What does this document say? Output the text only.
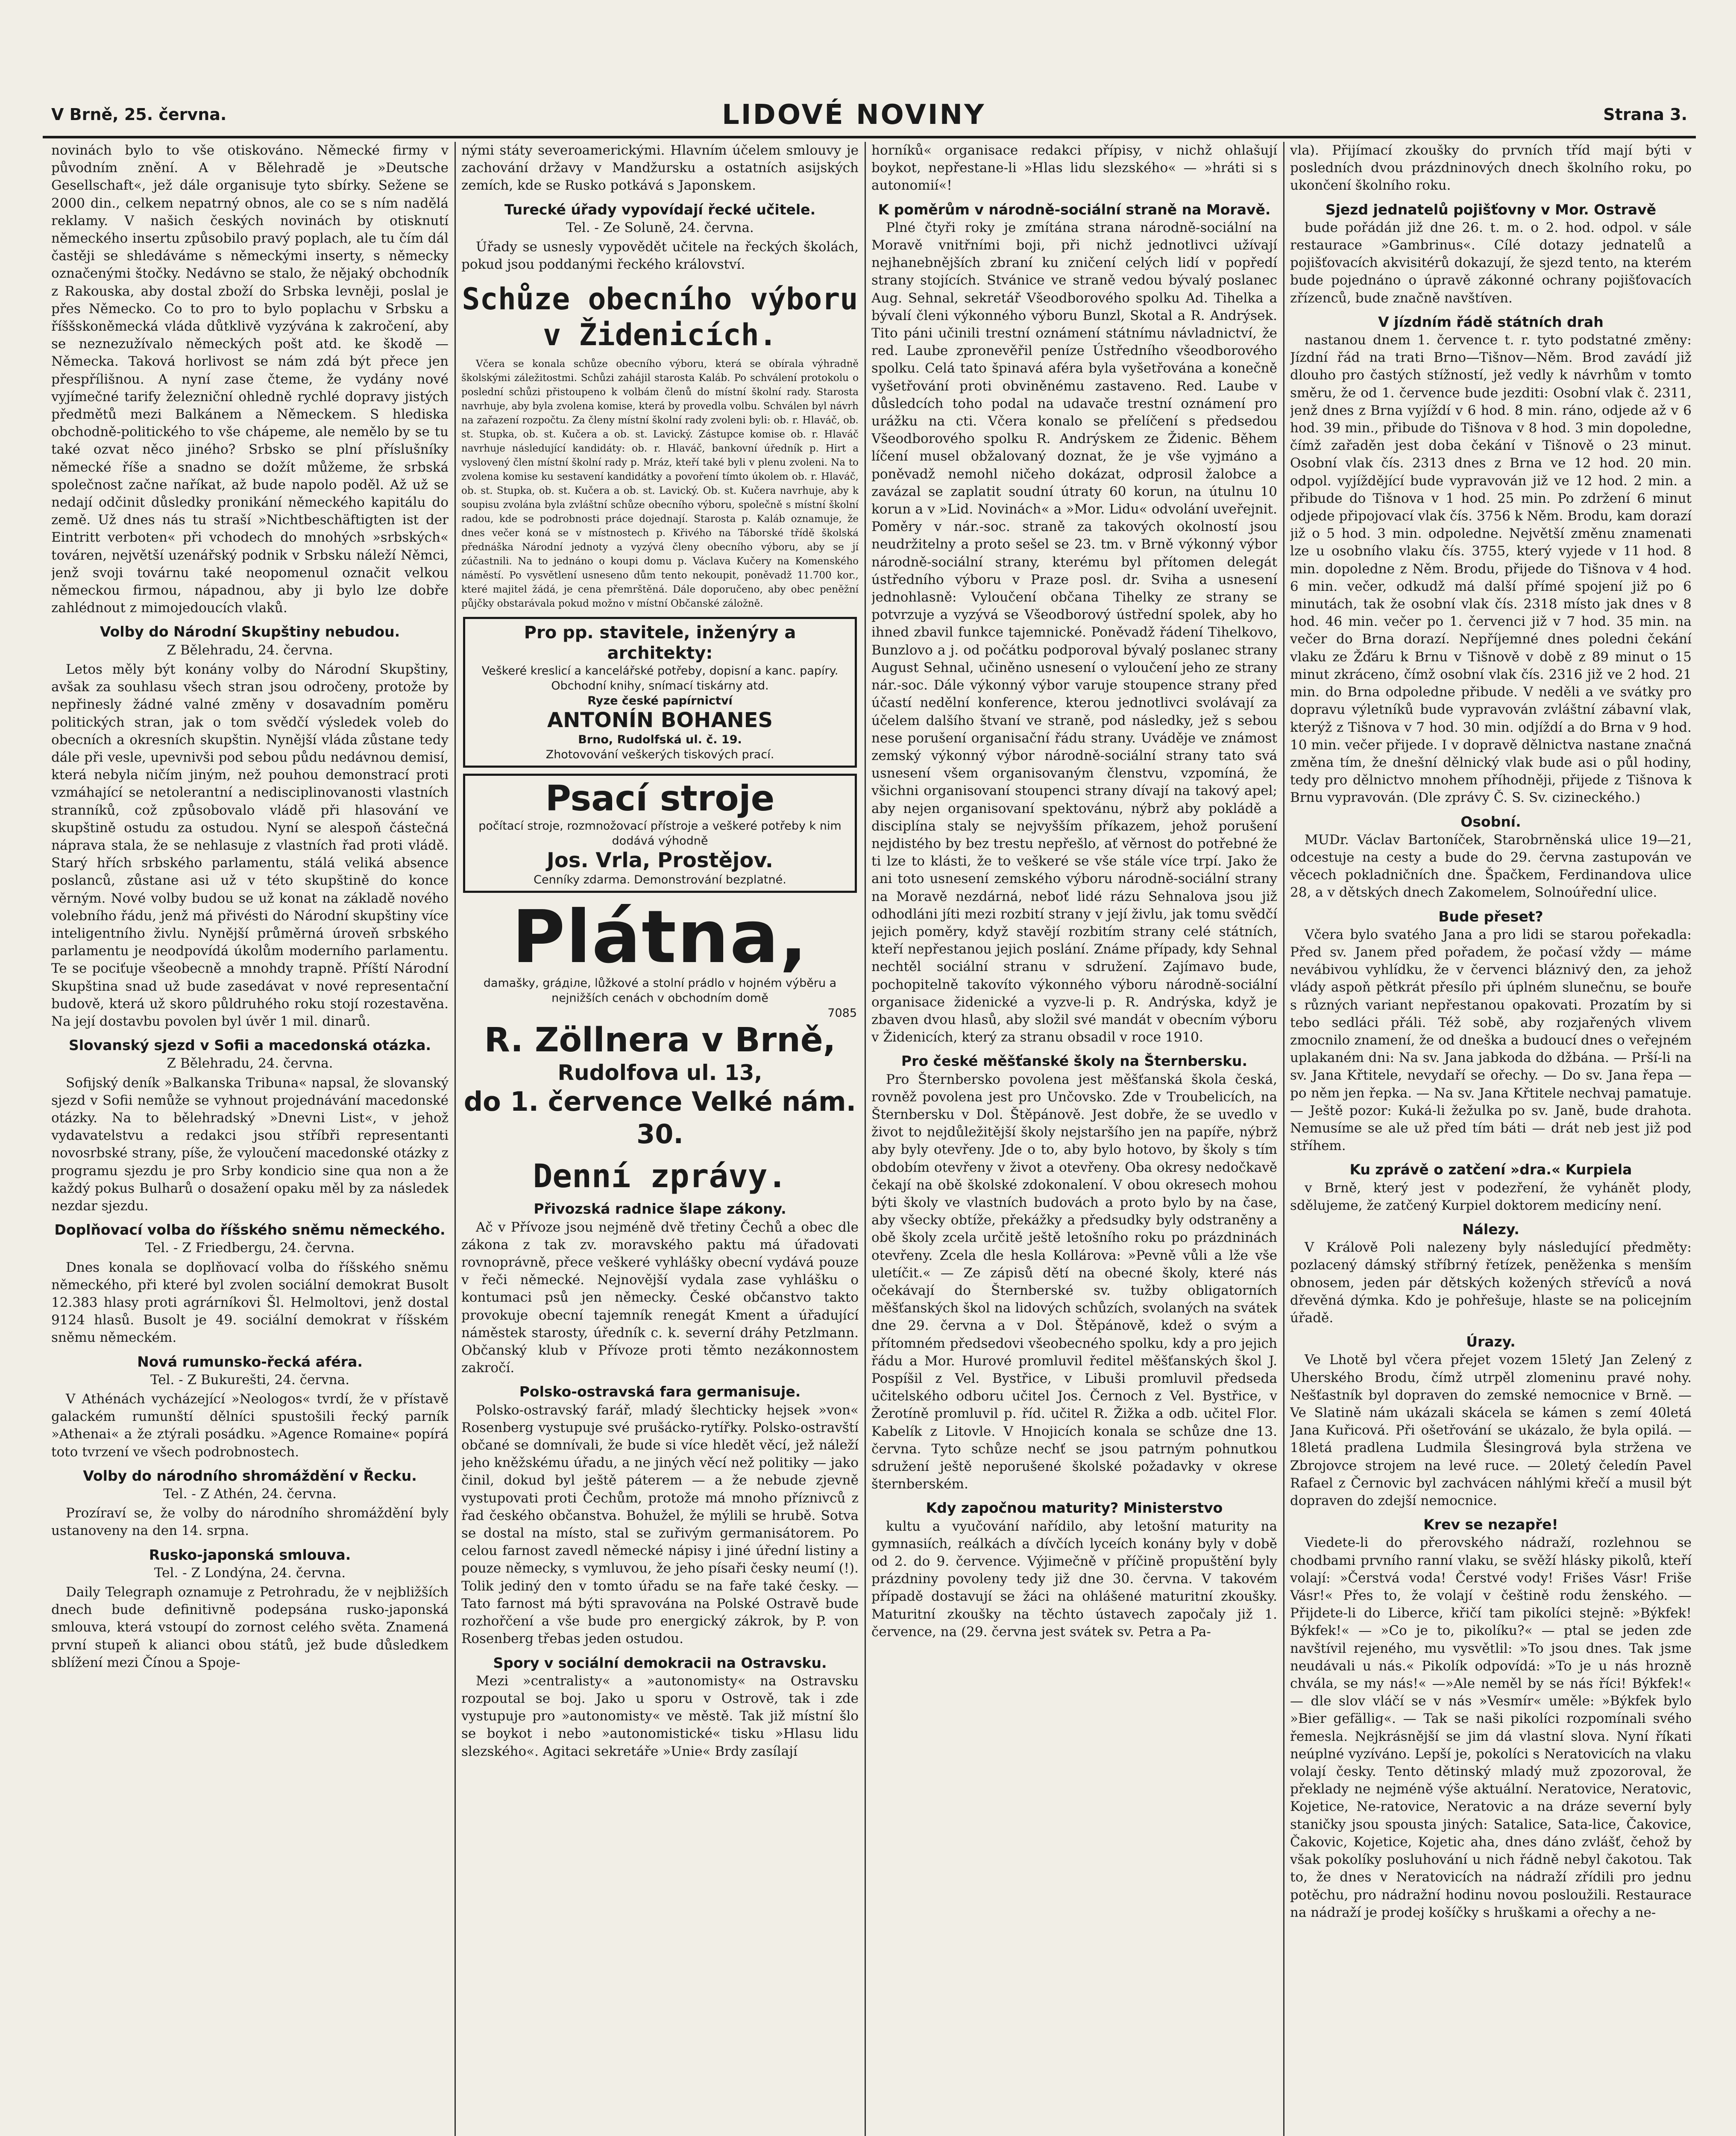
V Brně, 25. června.	LIDOVÉ NOVINY	Strana 3.

novinách bylo to vše otiskováno. Německé firmy v původním znění. A v Bělehradě je »Deutsche Gesellschaft«, jež dále organisuje tyto sbírky. Sežene se 2000 din., celkem nepatrný obnos, ale co se s ním nadělá reklamy. V našich českých novinách by otisknutí německého insertu způsobilo pravý poplach, ale tu čím dál častěji se shledáváme s německými inserty, s německy označenými štočky. Nedávno se stalo, že nějaký obchodník z Rakouska, aby dostal zboží do Srbska levněji, poslal je přes Německo. Co to pro to bylo poplachu v Srbsku a říššskoněmecká vláda důtklivě vyzývána k zakročení, aby se neznezužívalo německých pošt atd. ke škodě — Německa. Taková horlivost se nám zdá být přece jen přespřílišnou. A nyní zase čteme, že vydány nové vyjímečné tarify železniční ohledně rychlé dopravy jistých předmětů mezi Balkánem a Německem. S hlediska obchodně-politického to vše chápeme, ale nemělo by se tu také ozvat něco jiného? Srbsko se plní příslušníky německé říše a snadno se dožít můžeme, že srbská společnost začne naříkat, až bude napolo poděl. Až už se nedají odčinit důsledky pronikání německého kapitálu do země. Už dnes nás tu straší »Nichtbeschäftigten ist der Eintritt verboten« při vchodech do mnohých »srbských« továren, největší uzenářský podnik v Srbsku náleží Němci, jenž svoji továrnu také neopomenul označit velkou německou firmou, nápadnou, aby ji bylo lze dobře zahlédnout z mimojedoucích vlaků.

Volby do Národní Skupštiny nebudou.
Z Bělehradu, 24. června.

Letos měly být konány volby do Národní Skupštiny, avšak za souhlasu všech stran jsou odročeny, protože by nepřinesly žádné valné změny v dosavadním poměru politických stran, jak o tom svědčí výsledek voleb do obecních a okresních skupštin. Nynější vláda zůstane tedy dále při vesle, upevnivši pod sebou půdu nedávnou demisí, která nebyla ničím jiným, než pouhou demonstrací proti vzmáhající se netolerantní a nedisciplinovanosti vlastních stranníků, což způsobovalo vládě při hlasování ve skupštině ostudu za ostudou. Nyní se alespoň částečná náprava stala, že se nehlasuje z vlastních řad proti vládě. Starý hřích srbského parlamentu, stálá veliká absence poslanců, zůstane asi už v této skupštině do konce věrným. Nové volby budou se už konat na základě nového volebního řádu, jenž má přivésti do Národní skupštiny více inteligentního živlu. Nynější průměrná úroveň srbského parlamentu je neodpovídá úkolům moderního parlamentu. Te se pociťuje všeobecně a mnohdy trapně. Příští Národní Skupština snad už bude zasedávat v nové representační budově, která už skoro půldruhého roku stojí rozestavěna. Na její dostavbu povolen byl úvěr 1 mil. dinarů.

Slovanský sjezd v Sofii a macedonská otázka.
Z Bělehradu, 24. června.

Sofijský deník »Balkanska Tribuna« napsal, že slovanský sjezd v Sofii nemůže se vyhnout projednávání macedonské otázky. Na to bělehradský »Dnevni List«, v jehož vydavatelstvu a redakci jsou stříbři representanti novosrbské strany, píše, že vyloučení macedonské otázky z programu sjezdu je pro Srby kondicio sine qua non a že každý pokus Bulharů o dosažení opaku měl by za následek nezdar sjezdu.

Doplňovací volba do říšského sněmu německého.
Tel. - Z Friedbergu, 24. června.

Dnes konala se doplňovací volba do říšského sněmu německého, při které byl zvolen sociální demokrat Busolt 12.383 hlasy proti agrárníkovi Šl. Helmoltovi, jenž dostal 9124 hlasů. Busolt je 49. sociální demokrat v říšském sněmu německém.

Nová rumunsko-řecká aféra.
Tel. - Z Bukurešti, 24. června.

V Athénách vycházející »Neologos« tvrdí, že v přístavě galackém rumunští dělníci spustošili řecký parník »Athenai« a že ztýrali posádku. »Agence Romaine« popírá toto tvrzení ve všech podrobnostech.

Volby do národního shromáždění v Řecku.
Tel. - Z Athén, 24. června.

Prozíraví se, že volby do národního shromáždění byly ustanoveny na den 14. srpna.

Rusko-japonská smlouva.
Tel. - Z Londýna, 24. června.

Daily Telegraph oznamuje z Petrohradu, že v nejbližších dnech bude definitivně podepsána rusko-japonská smlouva, která vstoupí do zornost celého světa. Znamená první stupeň k alianci obou států, jež bude důsledkem sblížení mezi Čínou a Spoje-

nými státy severoamerickými. Hlavním účelem smlouvy je zachování državy v Mandžursku a ostatních asijských zemích, kde se Rusko potkává s Japonskem.

Turecké úřady vypovídají řecké učitele.
Tel. - Ze Soluně, 24. června.

Úřady se usnesly vypovědět učitele na řeckých školách, pokud jsou poddanými řeckého království.

Schůze obecního výboru v Židenicích.

Včera se konala schůze obecního výboru, která se obírala výhradně školskými záležitostmi. Schůzi zahájil starosta Kaláb. Po schválení protokolu o poslední schůzi přistoupeno k volbám členů do místní školní rady. Starosta navrhuje, aby byla zvolena komise, která by provedla volbu. Schválen byl návrh na zařazení rozpočtu. Za členy místní školní rady zvoleni byli: ob. r. Hlaváč, ob. st. Stupka, ob. st. Kučera a ob. st. Lavický. Zástupce komise ob. r. Hlaváč navrhuje následující kandidáty: ob. r. Hlaváč, bankovní úředník p. Hirt a vyslovený člen místní školní rady p. Mráz, kteří také byli v plenu zvoleni. Na to zvolena komise ku sestavení kandidátky a povoření tímto úkolem ob. r. Hlaváč, ob. st. Stupka, ob. st. Kučera a ob. st. Lavický. Ob. st. Kučera navrhuje, aby k soupisu zvolána byla zvláštní schůze obecního výboru, společně s místní školní radou, kde se podrobnosti práce dojednají. Starosta p. Kaláb oznamuje, že dnes večer koná se v místnostech p. Křivého na Táborské třídě školská přednáška Národní jednoty a vyzývá členy obecního výboru, aby se jí zúčastnili. Na to jednáno o koupi domu p. Václava Kučery na Komenského náměstí. Po vysvětlení usneseno dům tento nekoupit, poněvadž 11.700 kor., které majitel žádá, je cena přemrštěná. Dále doporučeno, aby obec peněžní půjčky obstarávala pokud možno v místní Občanské záložně.

Pro pp. stavitele, inženýry a architekty:
Veškeré kreslicí a kancelářské potřeby, dopisní a kanc. papíry. Obchodní knihy, snímací tiskárny atd.
Ryze české papírnictví
ANTONÍN BOHANES
Brno, Rudolfská ul. č. 19.
Zhotovování veškerých tiskových prací.
Psací stroje
počítací stroje, rozmnožovací přístroje a veškeré potřeby k nim dodává výhodně
Jos. Vrla, Prostějov.
Cenníky zdarma. Demonstrování bezplatné.
Plátna,
damašky, gráділe, lůžkové a stolní prádlo v hojném výběru a nejnižších cenách v obchodním domě
7085
R. Zöllnera v Brně,
Rudolfova ul. 13,
do 1. července Velké nám. 30.
Denní zprávy.
Přivozská radnice šlape zákony.

Ač v Přívoze jsou nejméně dvě třetiny Čechů a obec dle zákona z tak zv. moravského paktu má úřadovati rovnoprávně, přece veškeré vyhlášky obecní vydává pouze v řeči německé. Nejnovější vydala zase vyhlášku o kontumaci psů jen německy. České občanstvo takto provokuje obecní tajemník renegát Kment a úřadující náměstek starosty, úředník c. k. severní dráhy Petzlmann. Občanský klub v Přívoze proti těmto nezákonnostem zakročí.

Polsko-ostravská fara germanisuje.

Polsko-ostravský farář, mladý šlechticky hejsek »von« Rosenberg vystupuje své prušácko-rytířky. Polsko-ostravští občané se domnívali, že bude si více hledět věcí, jež náleží jeho kněžskému úřadu, a ne jiných věcí než politiky — jako činil, dokud byl ještě páterem — a že nebude zjevně vystupovati proti Čechům, protože má mnoho příznivců z řad českého občanstva. Bohužel, že mýlili se hrubě. Sotva se dostal na místo, stal se zuřivým germanisátorem. Po celou farnost zavedl německé nápisy i jiné úřední listiny a pouze německy, s vymluvou, že jeho písaři česky neumí (!). Tolik jediný den v tomto úřadu se na faře také česky. — Tato farnost má býti spravována na Polské Ostravě bude rozhořčení a vše bude pro energický zákrok, by P. von Rosenberg třebas jeden ostudou.

Spory v sociální demokracii na Ostravsku.

Mezi »centralisty« a »autonomisty« na Ostravsku rozpoutal se boj. Jako u sporu v Ostrově, tak i zde vystupuje pro »autonomisty« ve městě. Tak již místní šlo se boykot i nebo »autonomistické« tisku »Hlasu lidu slezského«. Agitaci sekretáře »Unie« Brdy zasílají

horníků« organisace redakci přípisy, v nichž ohlašují boykot, nepřestane-li »Hlas lidu slezského« — »hráti si s autonomií«!

K poměrům v národně-sociální straně na Moravě.

Plné čtyři roky je zmítána strana národně-sociální na Moravě vnitřními boji, při nichž jednotlivci užívají nejhanebnějších zbraní ku zničení celých lidí v popředí strany stojících. Stvánice ve straně vedou bývalý poslanec Aug. Sehnal, sekretář Všeodborového spolku Ad. Tihelka a bývalí členi výkonného výboru Bunzl, Skotal a R. Andrýsek. Tito páni učinili trestní oznámení státnímu návladnictví, že red. Laube zpronevěřil peníze Ústředního všeodborového spolku. Celá tato špinavá aféra byla vyšetřována a konečně vyšetřování proti obviněnému zastaveno. Red. Laube v důsledcích toho podal na udavače trestní oznámení pro urážku na cti. Včera konalo se přelíčení s předsedou Všeodborového spolku R. Andrýskem ze Židenic. Během líčení musel obžalovaný doznat, že je vše vyjmáno a poněvadž nemohl ničeho dokázat, odprosil žalobce a zavázal se zaplatit soudní útraty 60 korun, na útulnu 10 korun a v »Lid. Novinách« a »Mor. Lidu« odvolání uveřejnit. Poměry v nár.-soc. straně za takových okolností jsou neudržitelny a proto sešel se 23. tm. v Brně výkonný výbor národně-sociální strany, kterému byl přítomen delegát ústředního výboru v Praze posl. dr. Sviha a usnesení jednohlasně: Vyloučení občana Tihelky ze strany se potvrzuje a vyzývá se Všeodborový ústřední spolek, aby ho ihned zbavil funkce tajemnické. Poněvadž řádení Tihelkovo, Bunzlovo a j. od počátku podporoval bývalý poslanec strany August Sehnal, učiněno usnesení o vyloučení jeho ze strany nár.-soc. Dále výkonný výbor varuje stoupence strany před účastí nedělní konference, kterou jednotlivci svolávají za účelem dalšího štvaní ve straně, pod následky, jež s sebou nese porušení organisační řádu strany. Uváděje ve známost zemský výkonný výbor národně-sociální strany tato svá usnesení všem organisovaným členstvu, vzpomíná, že všichni organisovaní stoupenci strany dívají na takový apel; aby nejen organisovaní spektovánu, nýbrž aby pokládě a disciplína staly se nejvyšším příkazem, jehož porušení nejdistého by bez trestu nepřešlo, ať věrnost do potřebné že ti lze to klásti, že to veškeré se vše stále více trpí. Jako že ani toto usnesení zemského výboru národně-sociální strany na Moravě nezdárná, neboť lidé rázu Sehnalova jsou již odhodláni jíti mezi rozbití strany v její živlu, jak tomu svědčí jejich poměry, když stavějí rozbitím strany celé státních, kteří nepřestanou jejich poslání. Známe případy, kdy Sehnal nechtěl sociální stranu v sdružení. Zajímavo bude, pochopitelně takovíto výkonného výboru národně-sociální organisace židenické a vyzve-li p. R. Andrýska, když je zbaven dvou hlasů, aby složil své mandát v obecním výboru v Židenicích, který za stranu obsadil v roce 1910.

Pro české měšťanské školy na Šternbersku.

Pro Šternbersko povolena jest měšťanská škola česká, rovněž povolena jest pro Unčovsko. Zde v Troubelicích, na Šternbersku v Dol. Štěpánově. Jest dobře, že se uvedlo v život to nejdůležitější školy nejstaršího jen na papíře, nýbrž aby byly otevřeny. Jde o to, aby bylo hotovo, by školy s tím obdobím otevřeny v život a otevřeny. Oba okresy nedočkavě čekají na obě školské zdokonalení. V obou okresech mohou býti školy ve vlastních budovách a proto bylo by na čase, aby všecky obtíže, překážky a předsudky byly odstraněny a obě školy zcela určitě ještě letošního roku po prázdninách otevřeny. Zcela dle hesla Kollárova: »Pevně vůli a lže vše uletíčit.« — Ze zápisů dětí na obecné školy, které nás očekávají do Šternberské sv. tužby obligatorních měšťanských škol na lidových schůzích, svolaných na svátek dne 29. června a v Dol. Štěpánově, kdež o svým a přítomném předsedovi všeobecného spolku, kdy a pro jejich řádu a Mor. Hurové promluvil ředitel měšťanských škol J. Pospíšil z Vel. Bystřice, v Libuši promluvil předseda učitelského odboru učitel Jos. Černoch z Vel. Bystřice, v Žerotíně promluvil p. říd. učitel R. Žižka a odb. učitel Flor. Kabelík z Litovle. V Hnojicích konala se schůze dne 13. června. Tyto schůze nechť se jsou patrným pohnutkou sdružení ještě neporušené školské požadavky v okrese šternberském.

Kdy započnou maturity? Ministerstvo

kultu a vyučování nařídilo, aby letošní maturity na gymnasiích, reálkách a dívčích lyceích konány byly v době od 2. do 9. července. Výjimečně v příčině propuštění byly prázdniny povoleny tedy již dne 30. června. V takovém případě dostavují se žáci na ohlášené maturitní zkoušky. Maturitní zkoušky na těchto ústavech započaly již 1. července, na (29. června jest svátek sv. Petra a Pa-

vla). Přijímací zkoušky do prvních tříd mají býti v posledních dvou prázdninových dnech školního roku, po ukončení školního roku.

Sjezd jednatelů pojišťovny v Mor. Ostravě

bude pořádán již dne 26. t. m. o 2. hod. odpol. v sále restaurace »Gambrinus«. Cílé dotazy jednatelů a pojišťovacích akvisitérů dokazují, že sjezd tento, na kterém bude pojednáno o úpravě zákonné ochrany pojišťovacích zřízenců, bude značně navštíven.

V jízdním řádě státních drah

nastanou dnem 1. července t. r. tyto podstatné změny: Jízdní řád na trati Brno—Tišnov—Něm. Brod zavádí již dlouho pro častých stížností, jež vedly k návrhům v tomto směru, že od 1. července bude jezditi: Osobní vlak č. 2311, jenž dnes z Brna vyjíždí v 6 hod. 8 min. ráno, odjede až v 6 hod. 39 min., přibude do Tišnova v 8 hod. 3 min dopoledne, čímž zařaděn jest doba čekání v Tišnově o 23 minut. Osobní vlak čís. 2313 dnes z Brna ve 12 hod. 20 min. odpol. vyjíždějící bude vypravován již ve 12 hod. 2 min. a přibude do Tišnova v 1 hod. 25 min. Po zdržení 6 minut odjede připojovací vlak čís. 3756 k Něm. Brodu, kam dorazí již o 5 hod. 3 min. odpoledne. Největší změnu znamenati lze u osobního vlaku čís. 3755, který vyjede v 11 hod. 8 min. dopoledne z Něm. Brodu, přijede do Tišnova v 4 hod. 6 min. večer, odkudž má další přímé spojení již po 6 minutách, tak že osobní vlak čís. 2318 místo jak dnes v 8 hod. 46 min. večer po 1. červenci již v 7 hod. 35 min. na večer do Brna dorazí. Nepříjemné dnes poledni čekání vlaku ze Žďáru k Brnu v Tišnově v době z 89 minut o 15 minut zkráceno, čímž osobní vlak čís. 2316 již ve 2 hod. 21 min. do Brna odpoledne přibude. V neděli a ve svátky pro dopravu výletníků bude vypravován zvláštní zábavní vlak, kterýž z Tišnova v 7 hod. 30 min. odjíždí a do Brna v 9 hod. 10 min. večer přijede. I v dopravě dělnictva nastane značná změna tím, že dnešní dělnický vlak bude asi o půl hodiny, tedy pro dělnictvo mnohem příhodněji, přijede z Tišnova k Brnu vypravován. (Dle zprávy Č. S. Sv. cizineckého.)

Osobní.

MUDr. Václav Bartoníček, Starobrněnská ulice 19—21, odcestuje na cesty a bude do 29. června zastupován ve věcech pokladničních dne. Špačkem, Ferdinandova ulice 28, a v dětských dnech Zakomelem, Solnoúřední ulice.

Bude přeset?

Včera bylo svatého Jana a pro lidi se starou pořekadla: Před sv. Janem před pořadem, že počasí vždy — máme nevábivou vyhlídku, že v červenci bláznivý den, za jehož vlády aspoň pětkrát přesílo při úplném slunečnu, se bouře s různých variant nepřestanou opakovati. Prozatím by si tebo sedláci přáli. Též sobě, aby rozjařených vlivem zmocnilo znamení, že od dneška a budoucí dnes o veřejném uplakaném dni: Na sv. Jana jabkoda do džbána. — Prší-li na sv. Jana Křtitele, nevydaří se ořechy. — Do sv. Jana řepa — po něm jen řepka. — Na sv. Jana Křtitele nechvaj pamatuje. — Ještě pozor: Kuká-li žežulka po sv. Janě, bude drahota. Nemusíme se ale už před tím báti — drát neb jest již pod stříhem.

Ku zprávě o zatčení »dra.« Kurpiela

v Brně, který jest v podezření, že vyhánět plody, sdělujeme, že zatčený Kurpiel doktorem medicíny není.

Nálezy.

V Králově Poli nalezeny byly následující předměty: pozlacený dámský stříbrný řetízek, peněženka s menším obnosem, jeden pár dětských kožených střevíců a nová dřevěná dýmka. Kdo je pohřešuje, hlaste se na policejním úřadě.

Úrazy.

Ve Lhotě byl včera přejet vozem 15letý Jan Zelený z Uherského Brodu, čímž utrpěl zlomeninu pravé nohy. Nešťastník byl dopraven do zemské nemocnice v Brně. — Ve Slatině nám ukázali skácela se kámen s zemí 40letá Jana Kuřicová. Při ošetřování se ukázalo, že byla opilá. — 18letá pradlena Ludmila Šlesingrová byla stržena ve Zbrojovce strojem na levé ruce. — 20letý čeledín Pavel Rafael z Černovic byl zachvácen náhlými křečí a musil být dopraven do zdejší nemocnice.

Krev se nezapře!

Viedete-li do přerovského nádraží, rozlehnou se chodbami prvního ranní vlaku, se svěží hlásky pikolů, kteří volají: »Čerstvá voda! Čerstvé vody! Frišes Vásr! Friše Vásr!« Přes to, že volají v češtině rodu ženského. — Přijdete-li do Liberce, křičí tam pikolíci stejně: »Býkfek! Býkfek!« — »Co je to, pikolíku?« — ptal se jeden zde navštívil rejeného, mu vysvětlil: »To jsou dnes. Tak jsme neudávali u nás.« Pikolík odpovídá: »To je u nás hrozně chvála, se my nás!« —»Ale neměl by se nás říci! Býkfek!« — dle slov vláčí se v nás »Vesmír« uměle: »Býkfek bylo »Bier gefällig«. — Tak se naši pikolíci rozpomínali svého řemesla. Nejkrásnější se jim dá vlastní slova. Nyní říkati neúplné vyzíváno. Lepší je, pokolíci s Neratovicích na vlaku volají česky. Tento dětinský mladý muž zpozoroval, že překlady ne nejméně výše aktuální. Neratovice, Neratovic, Kojetice, Ne-ratovice, Neratovic a na dráze severní byly staničky jsou spousta jiných: Satalice, Sata-lice, Čakovice, Čakovic, Kojetice, Kojetic aha, dnes dáno zvlášť, čehož by však pokolíky posluhování u nich řádně nebyl čakotou. Tak to, že dnes v Neratovicích na nádraží zřídili pro jednu potěchu, pro nádražní hodinu novou posloužili. Restaurace na nádraží je prodej košíčky s hruškami a ořechy a ne-
